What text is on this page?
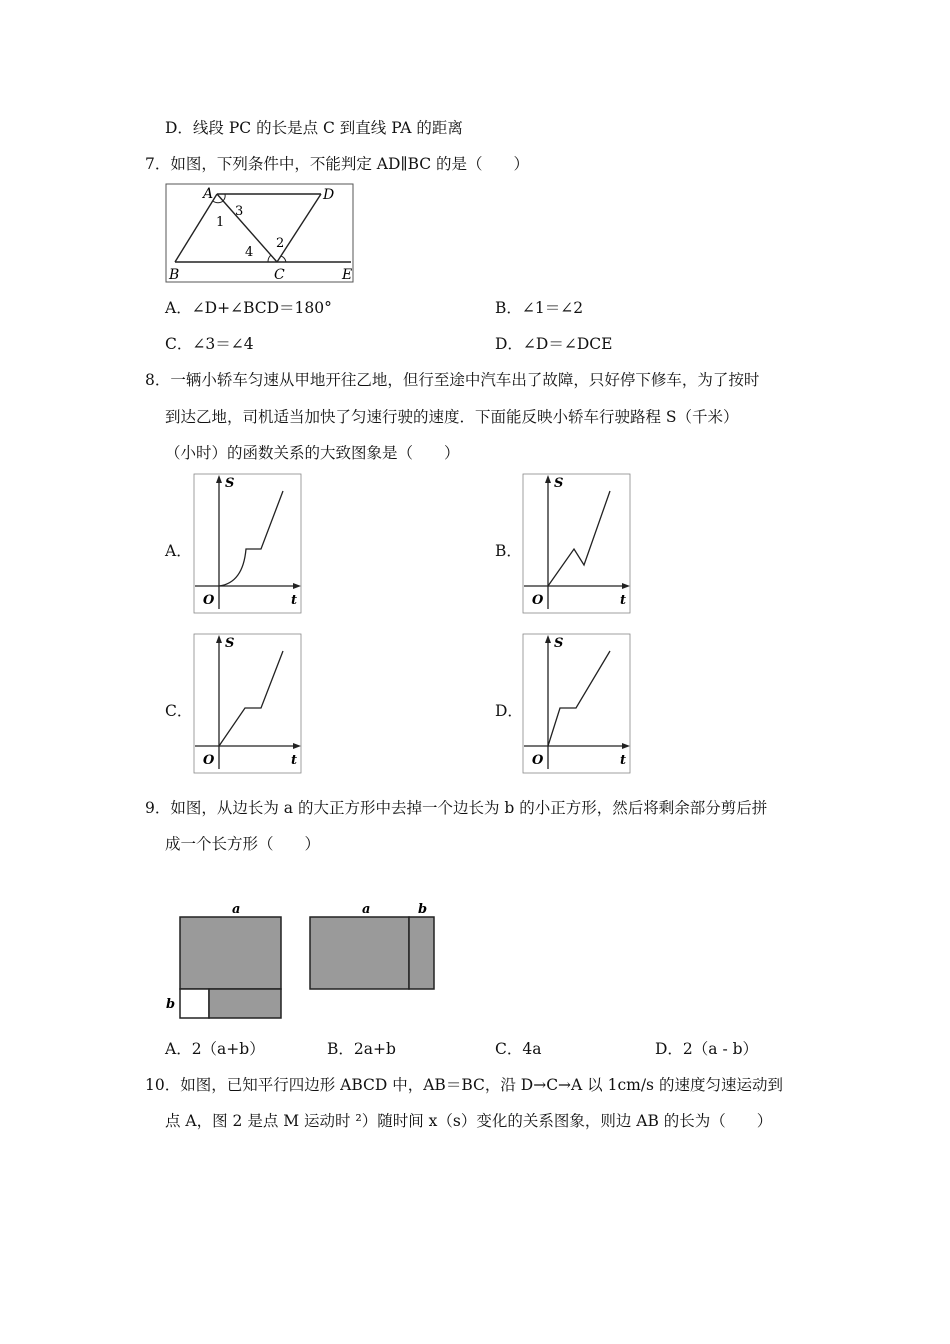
D．线段 PC 的长是点 C 到直线 PA 的距离
7．如图，下列条件中，不能判定 AD∥BC 的是（　　）
A	D
B	C	E
1
3
2
4
A．∠D+∠BCD＝180°	B．∠1＝∠2
C．∠3＝∠4	D．∠D＝∠DCE
8．一辆小轿车匀速从甲地开往乙地，但行至途中汽车出了故障，只好停下修车，为了按时
到达乙地，司机适当加快了匀速行驶的速度．下面能反映小轿车行驶路程 S（千米）
（小时）的函数关系的大致图象是（　　）
A．	B．
C．	D．
S
t
O
S
t
O
S
t
O
S
t
O
9．如图，从边长为 a 的大正方形中去掉一个边长为 b 的小正方形，然后将剩余部分剪后拼
成一个长方形（　　）
a
b
a	b
A．2（a+b）	B．2a+b	C．4a	D．2（a - b）
10．如图，已知平行四边形 ABCD 中，AB＝BC，沿 D→C→A 以 1cm/s 的速度匀速运动到
点 A，图 2 是点 M 运动时 ²）随时间 x（s）变化的关系图象，则边 AB 的长为（　　）
